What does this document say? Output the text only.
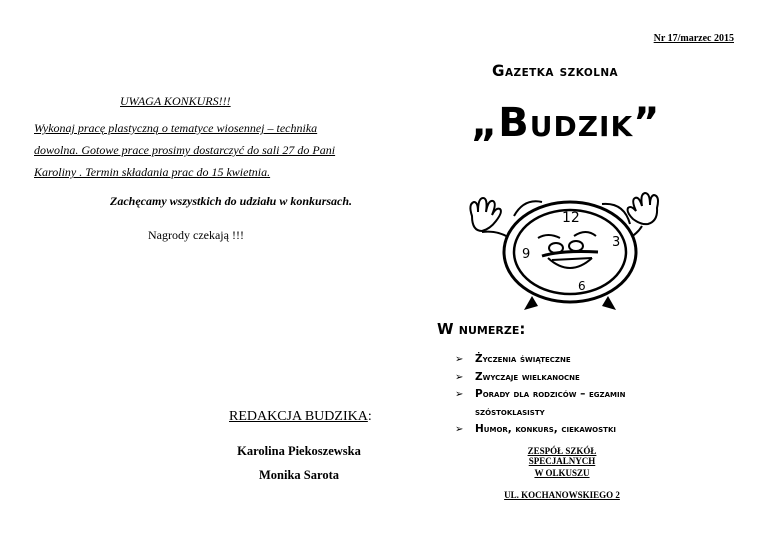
Nr 17/marzec 2015
UWAGA KONKURS!!!
Wykonaj pracę plastyczną o tematyce wiosennej – technika
dowolna. Gotowe prace prosimy dostarczyć do sali 27 do Pani
Karoliny . Termin składania prac do 15 kwietnia.
Zachęcamy wszystkich do udziału w konkursach.
Nagrody czekają !!!
Gazetka szkolna
„Budzik”
12
3
6
9
W numerze:
➢ Życzenia świąteczne
➢ Zwyczaje wielkanocne
➢ Porady dla rodziców – egzamin
szóstoklasisty
➢ Humor, konkurs, ciekawostki
REDAKCJA BUDZIKA:
Karolina Piekoszewska
Monika Sarota
ZESPÓŁ SZKÓŁ SPECJALNYCH
W OLKUSZU
UL. KOCHANOWSKIEGO 2
